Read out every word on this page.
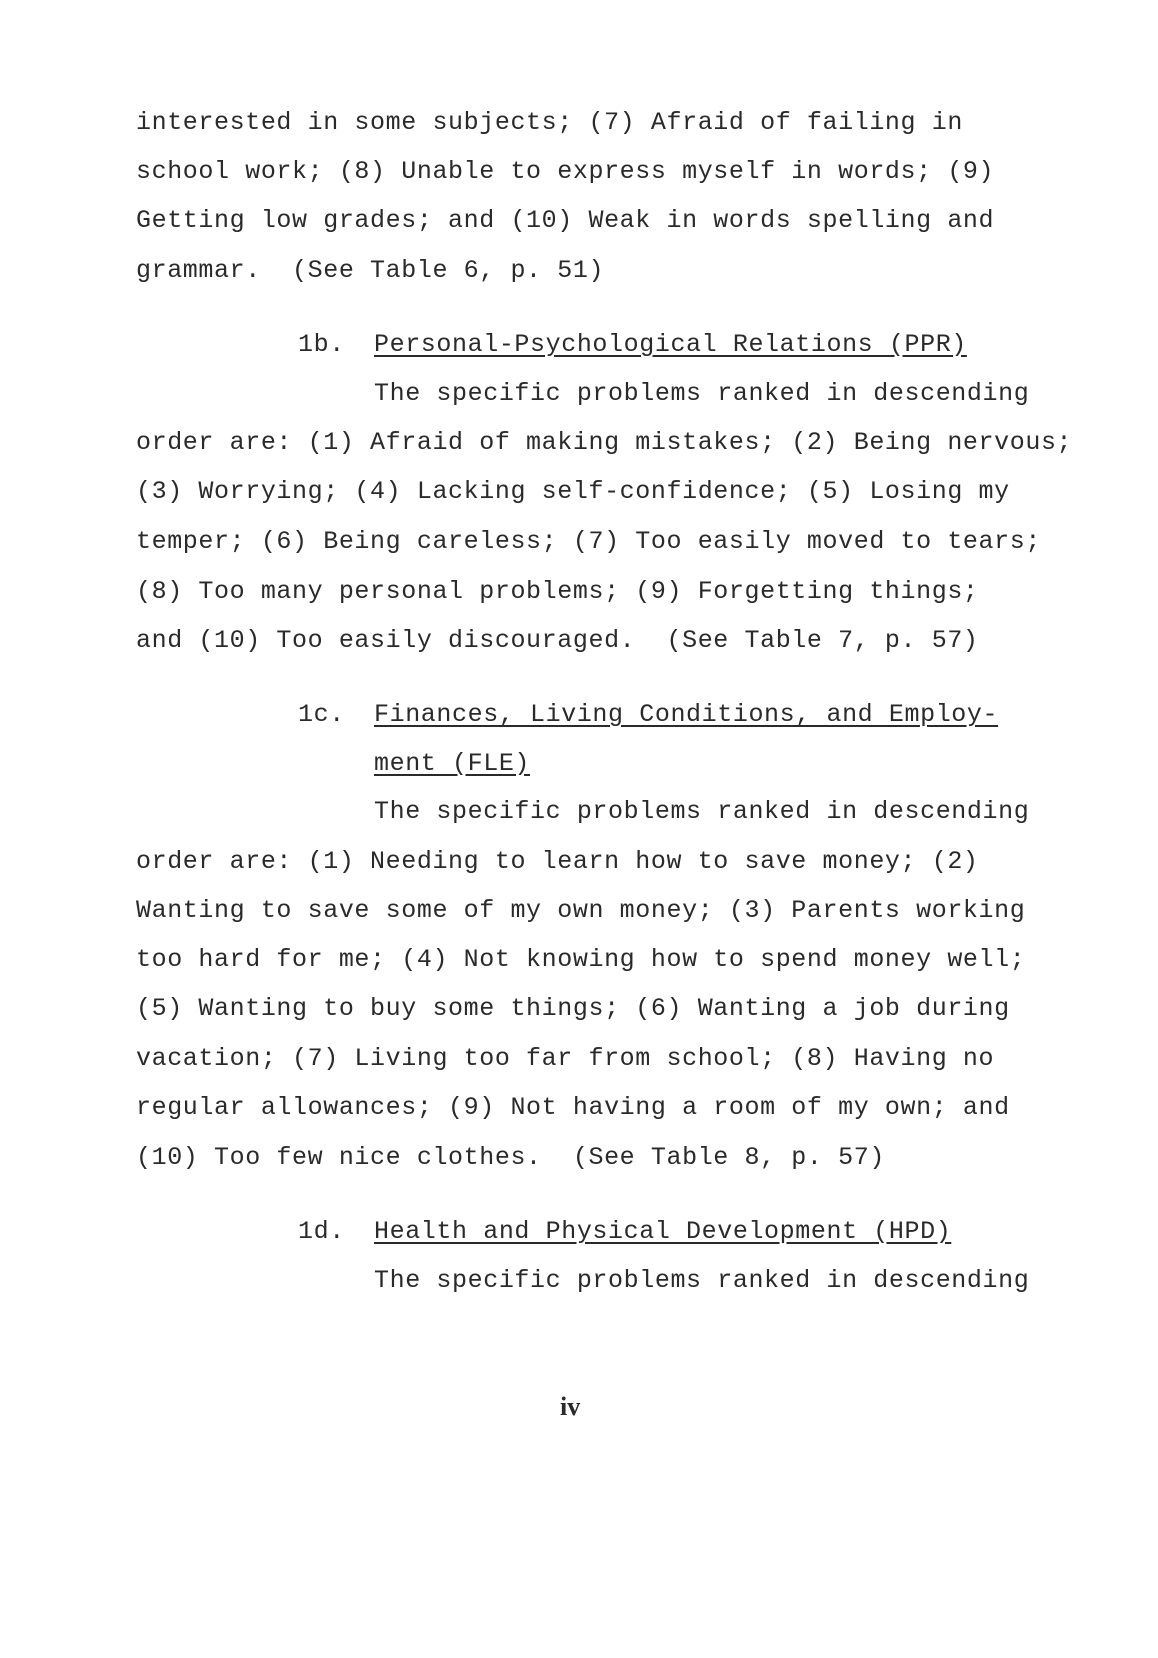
interested in some subjects; (7) Afraid of failing in
school work; (8) Unable to express myself in words; (9)
Getting low grades; and (10) Weak in words spelling and
grammar.  (See Table 6, p. 51)
1b. Personal-Psychological Relations (PPR)
The specific problems ranked in descending
order are: (1) Afraid of making mistakes; (2) Being nervous;
(3) Worrying; (4) Lacking self-confidence; (5) Losing my
temper; (6) Being careless; (7) Too easily moved to tears;
(8) Too many personal problems; (9) Forgetting things;
and (10) Too easily discouraged.  (See Table 7, p. 57)
1c. Finances, Living Conditions, and Employ-
ment (FLE)
The specific problems ranked in descending
order are: (1) Needing to learn how to save money; (2)
Wanting to save some of my own money; (3) Parents working
too hard for me; (4) Not knowing how to spend money well;
(5) Wanting to buy some things; (6) Wanting a job during
vacation; (7) Living too far from school; (8) Having no
regular allowances; (9) Not having a room of my own; and
(10) Too few nice clothes.  (See Table 8, p. 57)
1d. Health and Physical Development (HPD)
The specific problems ranked in descending
iv
